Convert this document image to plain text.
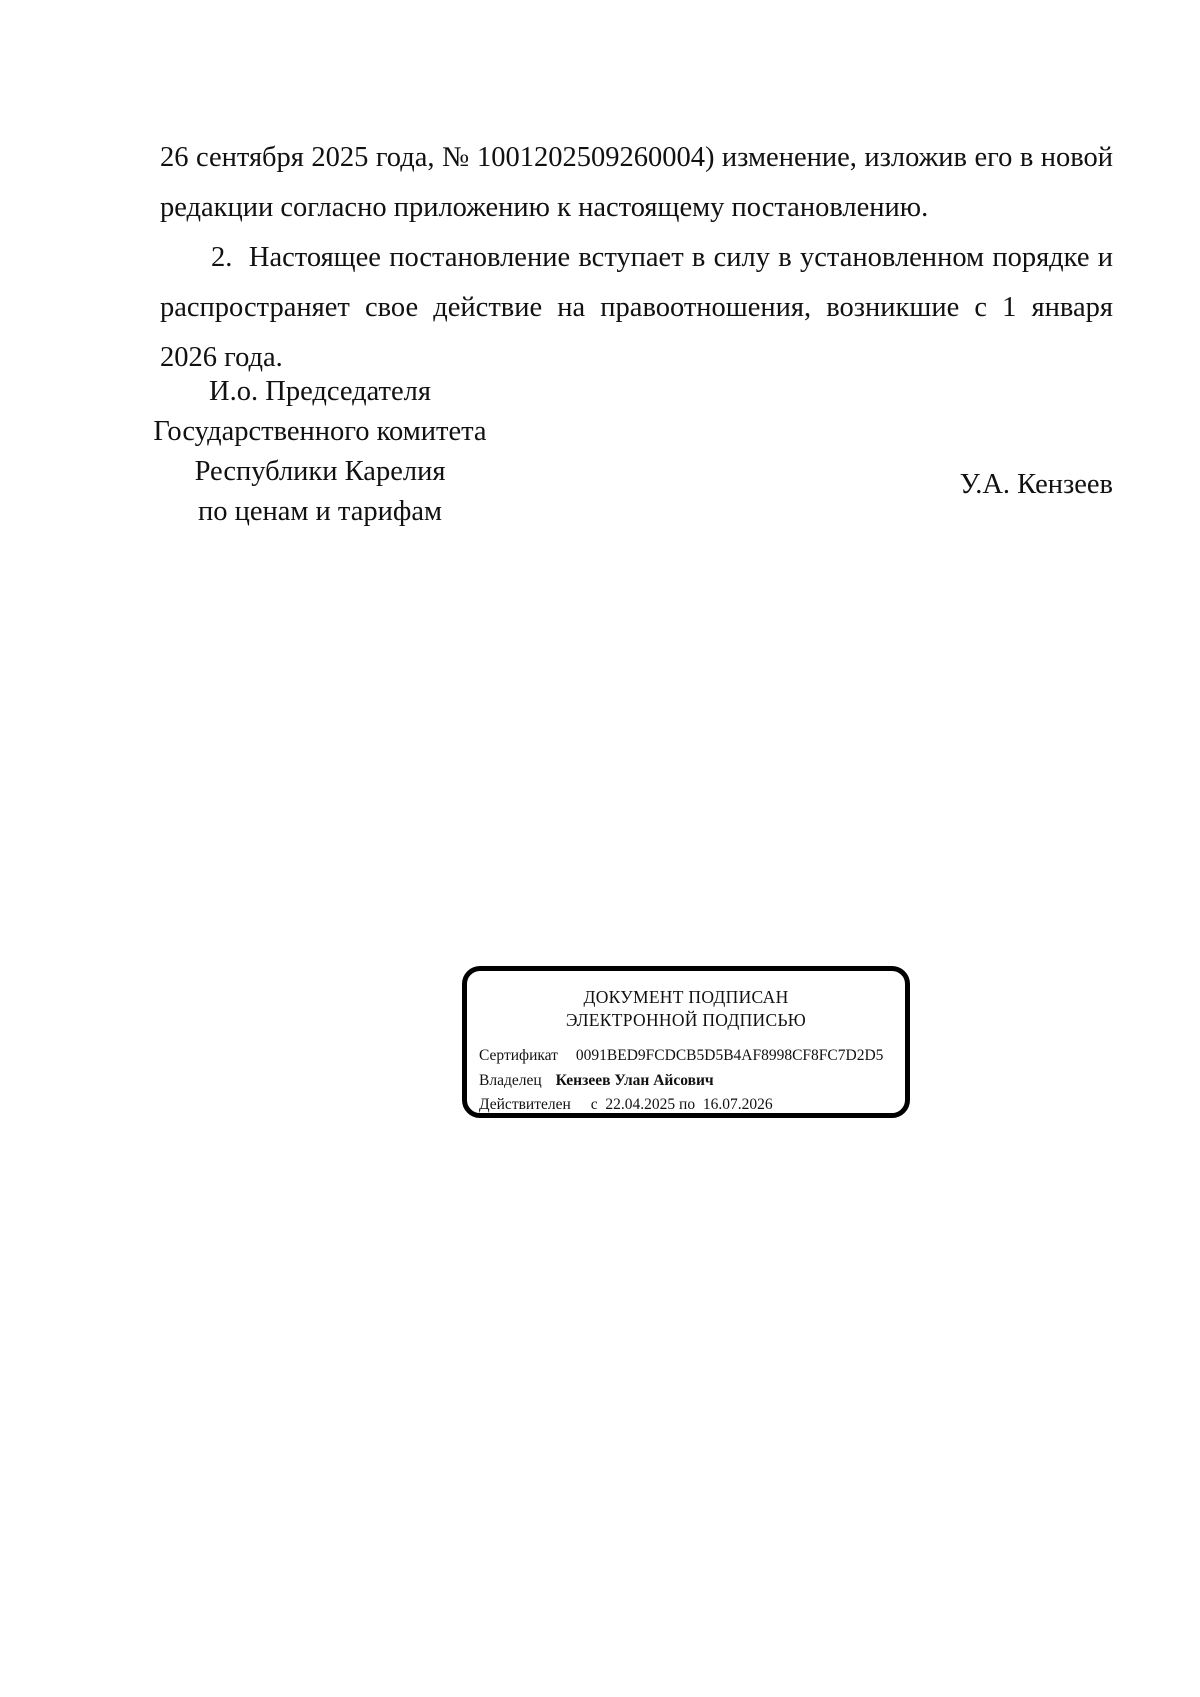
26 сентября 2025 года, № 1001202509260004) изменение, изложив его в новой
редакции согласно приложению к настоящему постановлению.
2.  Настоящее постановление вступает в силу в установленном порядке и
распространяет свое действие на правоотношения, возникшие с 1 января
2026 года.
И.о. Председателя
Государственного комитета
Республики Карелия
по ценам и тарифам
У.А. Кензеев
ДОКУМЕНТ ПОДПИСАН
ЭЛЕКТРОННОЙ ПОДПИСЬЮ
Сертификат 0091BED9FCDCB5D5B4AF8998CF8FC7D2D5
Владелец Кензеев Улан Айсович
Действителен с  22.04.2025 по  16.07.2026
